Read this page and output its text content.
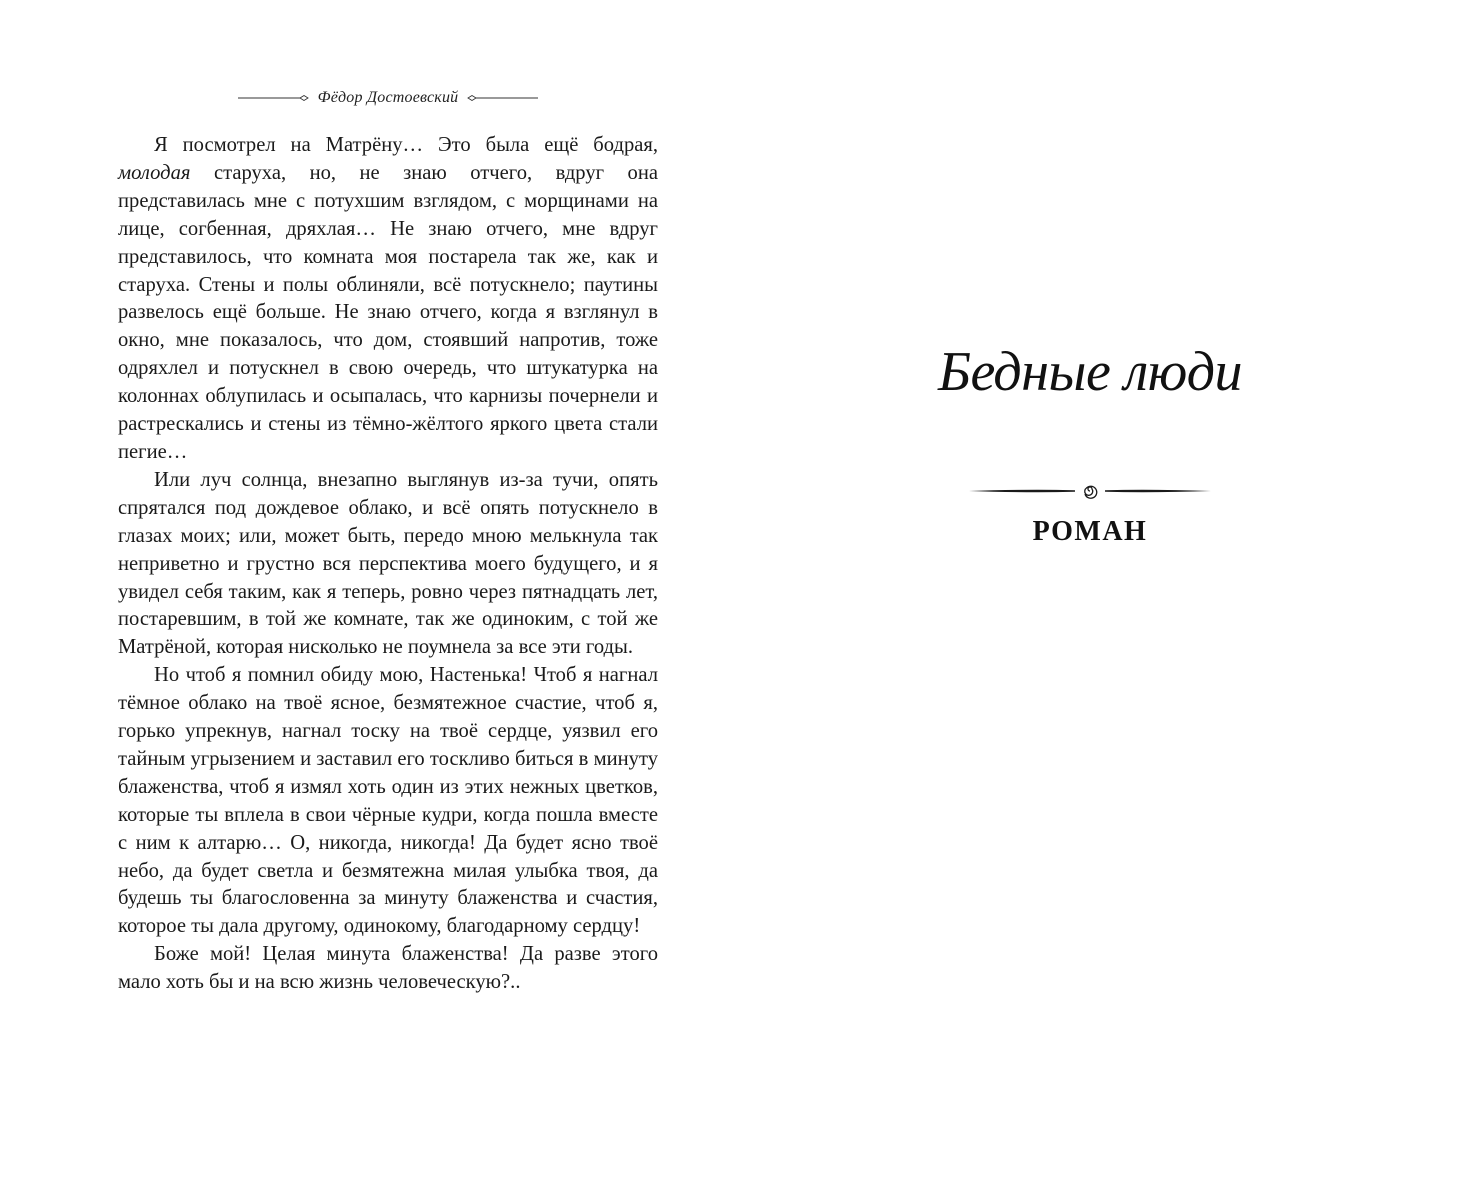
Фёдор Достоевский

Я посмотрел на Матрёну… Это была ещё бодрая, молодая старуха, но, не знаю отчего, вдруг она представилась мне с потухшим взглядом, с морщинами на лице, согбенная, дряхлая… Не знаю отчего, мне вдруг представилось, что комната моя постарела так же, как и старуха. Стены и полы облиняли, всё потускнело; паутины развелось ещё больше. Не знаю отчего, когда я взглянул в окно, мне показалось, что дом, стоявший напротив, тоже одряхлел и потускнел в свою очередь, что штукатурка на колоннах облупилась и осыпалась, что карнизы почернели и растрескались и стены из тёмно-жёлтого яркого цвета стали пегие…

Или луч солнца, внезапно выглянув из-за тучи, опять спрятался под дождевое облако, и всё опять потускнело в глазах моих; или, может быть, передо мною мелькнула так неприветно и грустно вся перспектива моего будущего, и я увидел себя таким, как я теперь, ровно через пятнадцать лет, постаревшим, в той же комнате, так же одиноким, с той же Матрёной, которая нисколько не поумнела за все эти годы.

Но чтоб я помнил обиду мою, Настенька! Чтоб я нагнал тёмное облако на твоё ясное, безмятежное счастие, чтоб я, горько упрекнув, нагнал тоску на твоё сердце, уязвил его тайным угрызением и заставил его тоскливо биться в минуту блаженства, чтоб я измял хоть один из этих нежных цветков, которые ты вплела в свои чёрные кудри, когда пошла вместе с ним к алтарю… О, никогда, никогда! Да будет ясно твоё небо, да будет светла и безмятежна милая улыбка твоя, да будешь ты благословенна за минуту блаженства и счастия, которое ты дала другому, одинокому, благодарному сердцу!

Боже мой! Целая минута блаженства! Да разве этого мало хоть бы и на всю жизнь человеческую?..

Бедные люди
РОМАН
